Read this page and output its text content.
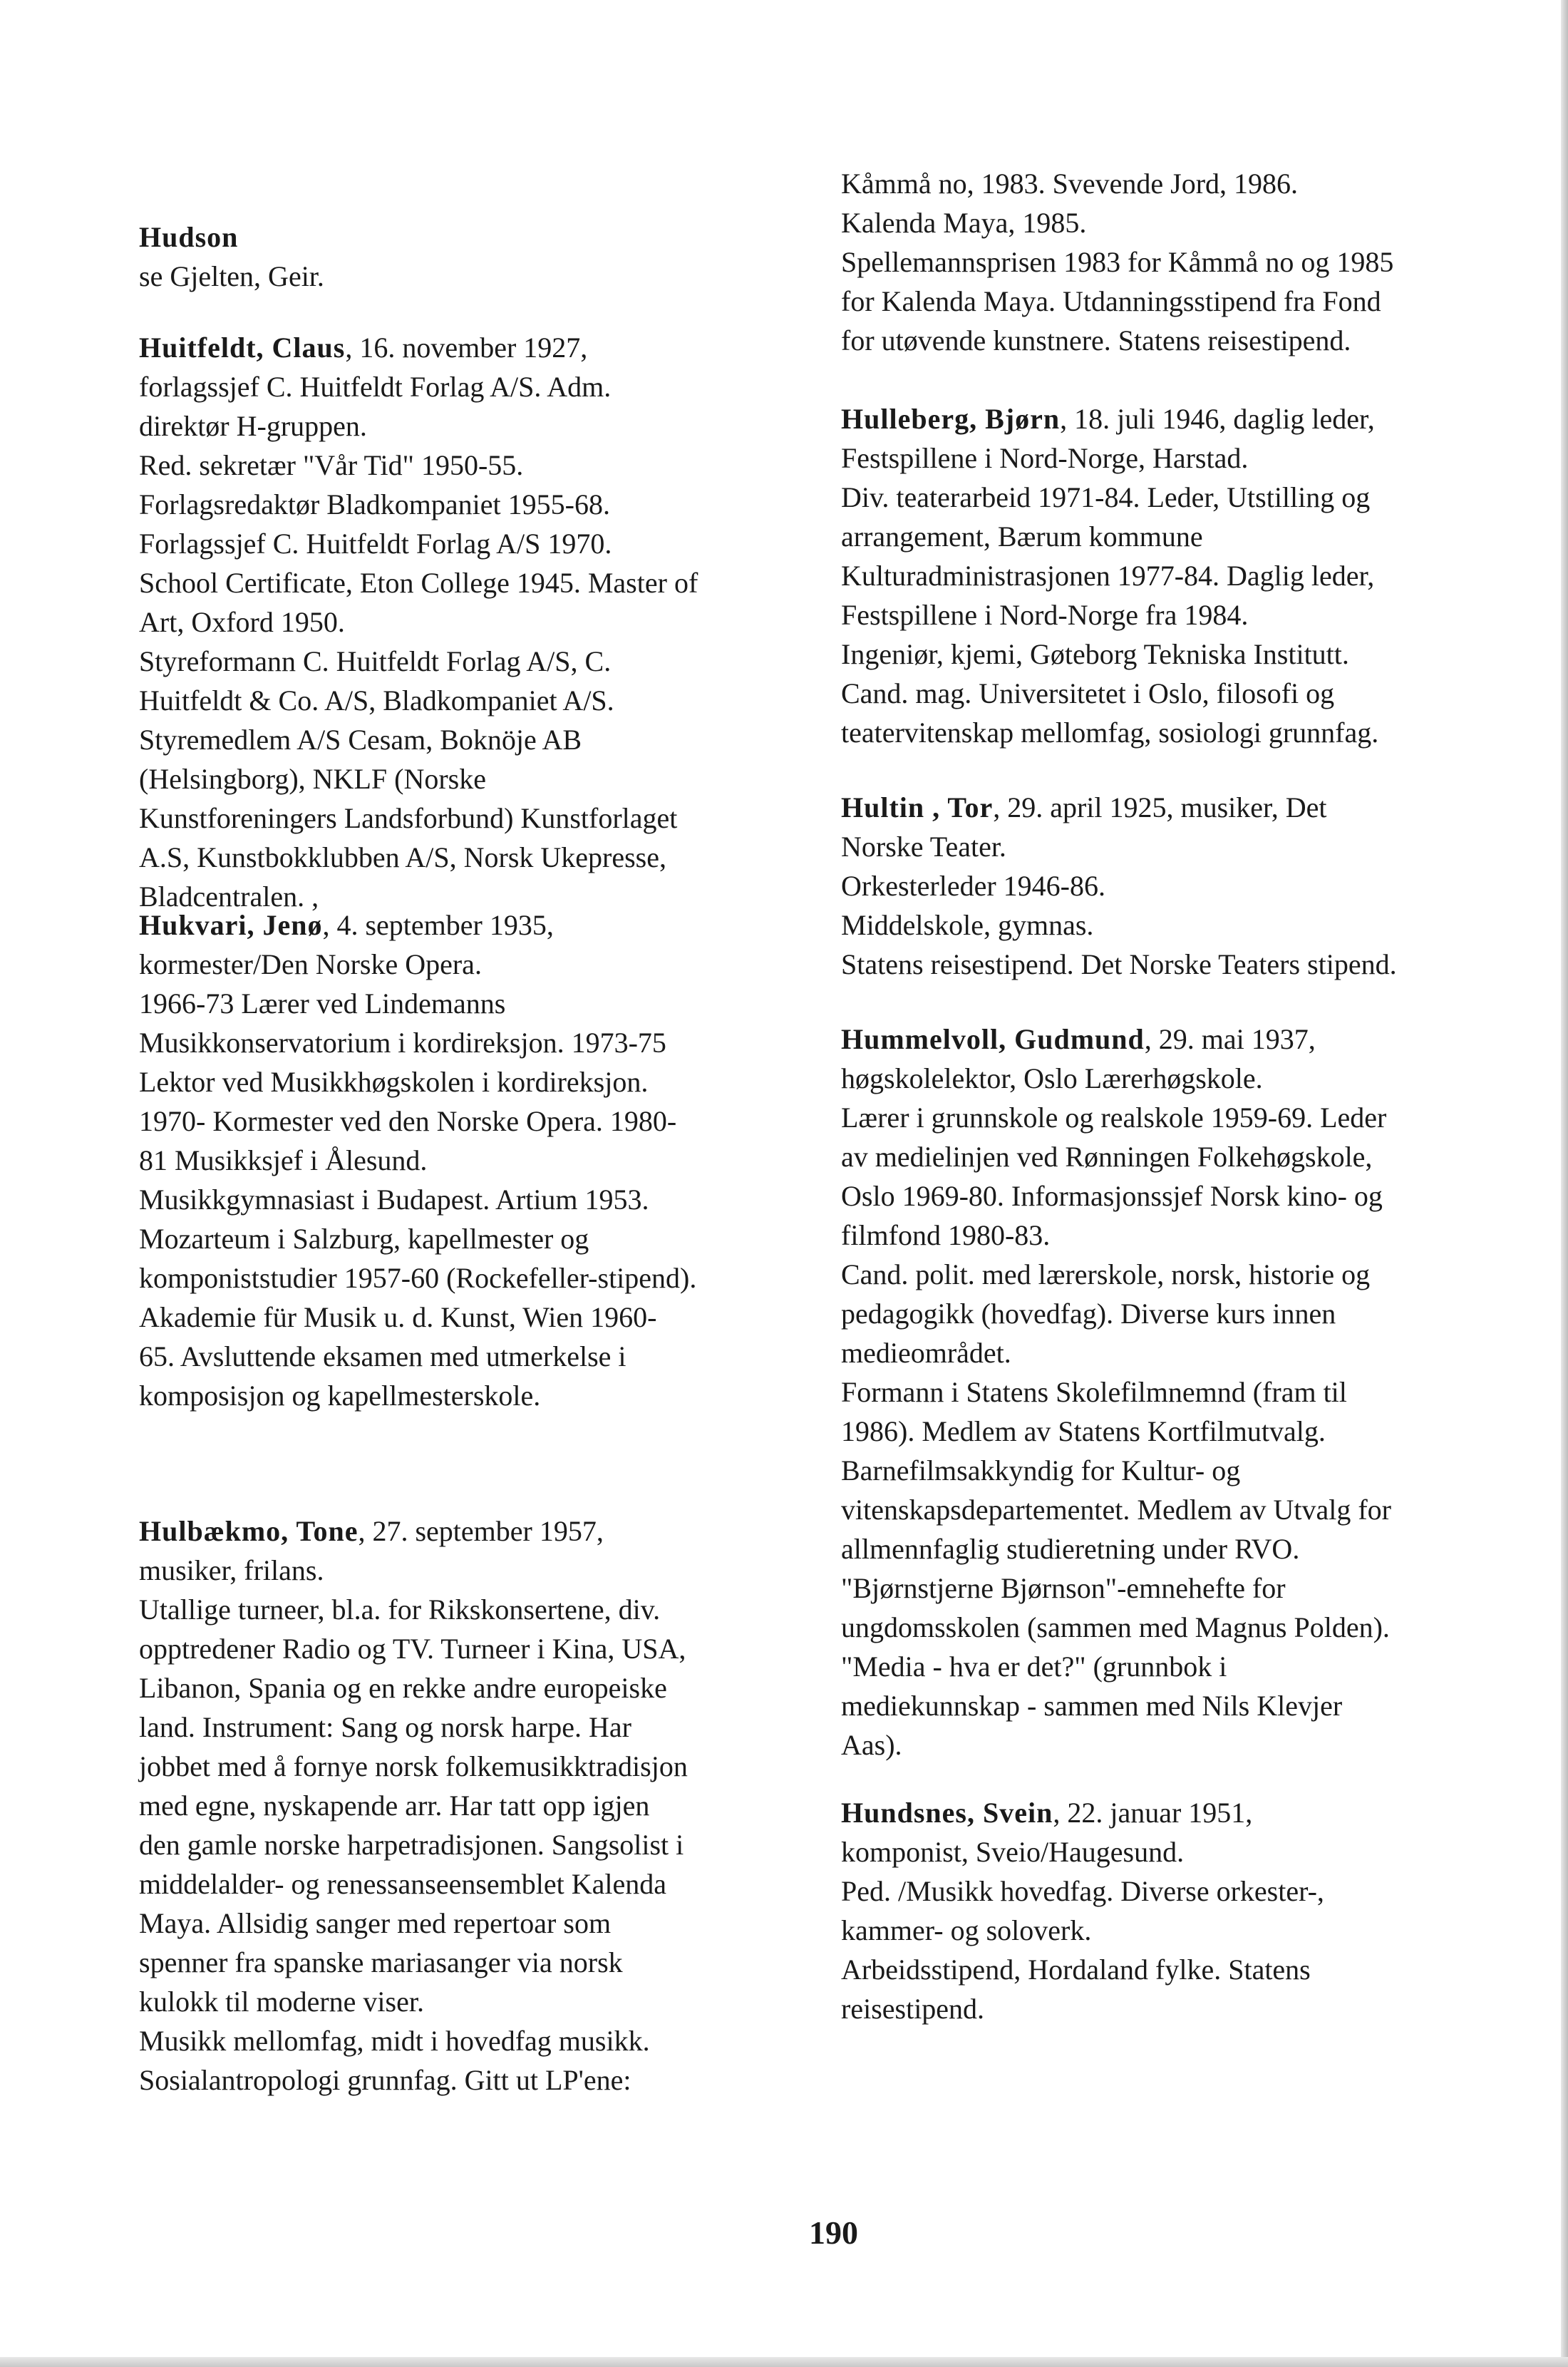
Hudson
se Gjelten, Geir.
Huitfeldt, Claus, 16. november 1927,
forlagssjef C. Huitfeldt Forlag A/S. Adm.
direktør H-gruppen.
Red. sekretær "Vår Tid" 1950-55.
Forlagsredaktør Bladkompaniet 1955-68.
Forlagssjef C. Huitfeldt Forlag A/S 1970.
School Certificate, Eton College 1945. Master of
Art, Oxford 1950.
Styreformann C. Huitfeldt Forlag A/S, C.
Huitfeldt & Co. A/S, Bladkompaniet A/S.
Styremedlem A/S Cesam, Boknöje AB
(Helsingborg), NKLF (Norske
Kunstforeningers Landsforbund) Kunstforlaget
A.S, Kunstbokklubben A/S, Norsk Ukepresse,
Bladcentralen. ,
Hukvari, Jenø, 4. september 1935,
kormester/Den Norske Opera.
1966-73 Lærer ved Lindemanns
Musikkonservatorium i kordireksjon. 1973-75
Lektor ved Musikkhøgskolen i kordireksjon.
1970- Kormester ved den Norske Opera. 1980-
81 Musikksjef i Ålesund.
Musikkgymnasiast i Budapest. Artium 1953.
Mozarteum i Salzburg, kapellmester og
komponiststudier 1957-60 (Rockefeller-stipend).
Akademie für Musik u. d. Kunst, Wien 1960-
65. Avsluttende eksamen med utmerkelse i
komposisjon og kapellmesterskole.
Hulbækmo, Tone, 27. september 1957,
musiker, frilans.
Utallige turneer, bl.a. for Rikskonsertene, div.
opptredener Radio og TV. Turneer i Kina, USA,
Libanon, Spania og en rekke andre europeiske
land. Instrument: Sang og norsk harpe. Har
jobbet med å fornye norsk folkemusikktradisjon
med egne, nyskapende arr. Har tatt opp igjen
den gamle norske harpetradisjonen. Sangsolist i
middelalder- og renessanseensemblet Kalenda
Maya. Allsidig sanger med repertoar som
spenner fra spanske mariasanger via norsk
kulokk til moderne viser.
Musikk mellomfag, midt i hovedfag musikk.
Sosialantropologi grunnfag. Gitt ut LP'ene:
Kåmmå no, 1983. Svevende Jord, 1986.
Kalenda Maya, 1985.
Spellemannsprisen 1983 for Kåmmå no og 1985
for Kalenda Maya. Utdanningsstipend fra Fond
for utøvende kunstnere. Statens reisestipend.
Hulleberg, Bjørn, 18. juli 1946, daglig leder,
Festspillene i Nord-Norge, Harstad.
Div. teaterarbeid 1971-84. Leder, Utstilling og
arrangement, Bærum kommune
Kulturadministrasjonen 1977-84. Daglig leder,
Festspillene i Nord-Norge fra 1984.
Ingeniør, kjemi, Gøteborg Tekniska Institutt.
Cand. mag. Universitetet i Oslo, filosofi og
teatervitenskap mellomfag, sosiologi grunnfag.
Hultin , Tor, 29. april 1925, musiker, Det
Norske Teater.
Orkesterleder 1946-86.
Middelskole, gymnas.
Statens reisestipend. Det Norske Teaters stipend.
Hummelvoll, Gudmund, 29. mai 1937,
høgskolelektor, Oslo Lærerhøgskole.
Lærer i grunnskole og realskole 1959-69. Leder
av medielinjen ved Rønningen Folkehøgskole,
Oslo 1969-80. Informasjonssjef Norsk kino- og
filmfond 1980-83.
Cand. polit. med lærerskole, norsk, historie og
pedagogikk (hovedfag). Diverse kurs innen
medieområdet.
Formann i Statens Skolefilmnemnd (fram til
1986). Medlem av Statens Kortfilmutvalg.
Barnefilmsakkyndig for Kultur- og
vitenskapsdepartementet. Medlem av Utvalg for
allmennfaglig studieretning under RVO.
"Bjørnstjerne Bjørnson"-emnehefte for
ungdomsskolen (sammen med Magnus Polden).
"Media - hva er det?" (grunnbok i
mediekunnskap - sammen med Nils Klevjer
Aas).
Hundsnes, Svein, 22. januar 1951,
komponist, Sveio/Haugesund.
Ped. /Musikk hovedfag. Diverse orkester-,
kammer- og soloverk.
Arbeidsstipend, Hordaland fylke. Statens
reisestipend.
190
